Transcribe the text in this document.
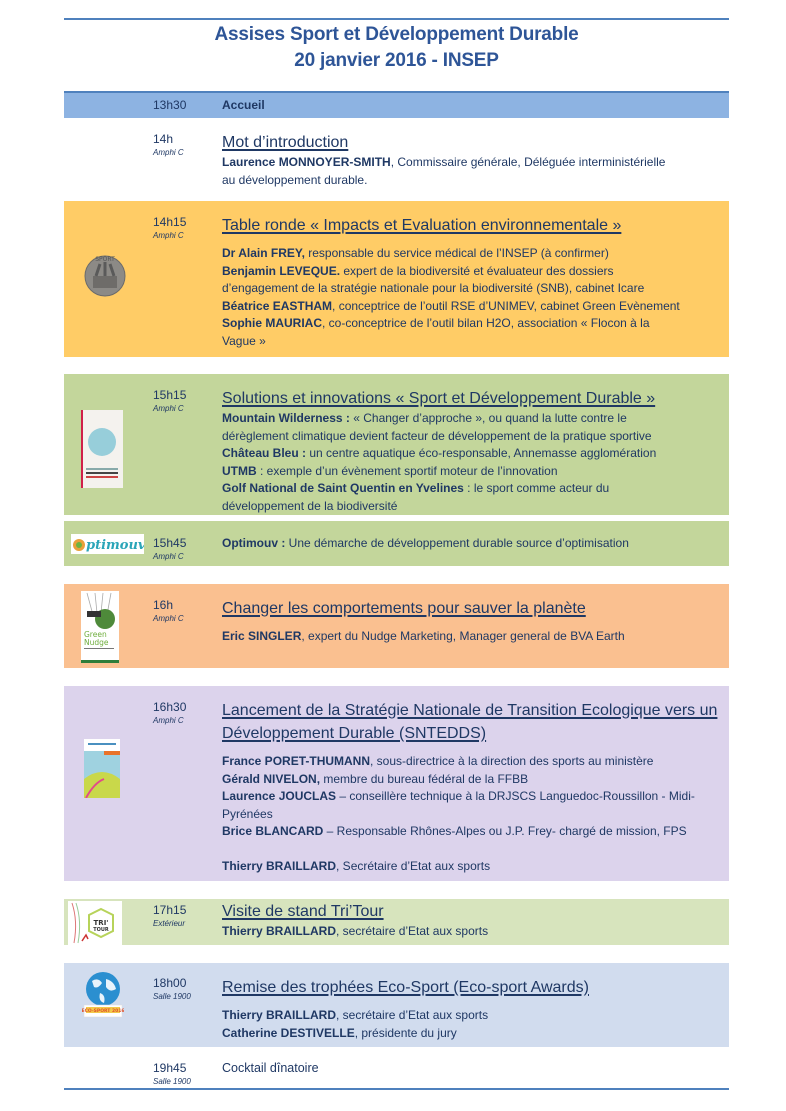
Assises Sport et Développement Durable
20 janvier 2016 - INSEP
13h30	Accueil
14h
Amphi C
Mot d’introduction
Laurence MONNOYER-SMITH, Commissaire générale, Déléguée interministérielle
au développement durable.
SPORT
14h15
Amphi C
Table ronde « Impacts et Evaluation environnementale »
Dr Alain FREY, responsable du service médical de l’INSEP (à confirmer)
Benjamin LEVEQUE. expert de la biodiversité et évaluateur des dossiers
d’engagement de la stratégie nationale pour la biodiversité (SNB), cabinet Icare
Béatrice EASTHAM, conceptrice de l’outil RSE d’UNIMEV, cabinet Green Evènement
Sophie MAURIAC, co-conceptrice de l’outil bilan H2O, association « Flocon à la
Vague »
15h15
Amphi C
Solutions et innovations « Sport et Développement Durable »
Mountain Wilderness : « Changer d’approche », ou quand la lutte contre le
dérèglement climatique devient facteur de développement de la pratique sportive
Château Bleu : un centre aquatique éco-responsable, Annemasse agglomération
UTMB : exemple d’un évènement sportif moteur de l’innovation
Golf National de Saint Quentin en Yvelines : le sport comme acteur du
développement de la biodiversité
ptimouv 15h45
Amphi C
Optimouv : Une démarche de développement durable source d’optimisation
Green
Nudge
16h
Amphi C
Changer les comportements pour sauver la planète
Eric SINGLER, expert du Nudge Marketing, Manager general de BVA Earth
16h30
Amphi C
Lancement de la Stratégie Nationale de Transition Ecologique vers un Développement Durable (SNTEDDS)
France PORET-THUMANN, sous-directrice à la direction des sports au ministère
Gérald NIVELON, membre du bureau fédéral de la FFBB
Laurence JOUCLAS – conseillère technique à la DRJSCS Languedoc-Roussillon - Midi-
Pyrénées
Brice BLANCARD – Responsable Rhônes-Alpes ou J.P. Frey- chargé de mission, FPS
Thierry BRAILLARD, Secrétaire d’Etat aux sports
TRI'
TOUR
17h15
Extérieur
Visite de stand Tri’Tour
Thierry BRAILLARD, secrétaire d’Etat aux sports
ECO-SPORT 2016
18h00
Salle 1900
Remise des trophées Eco-Sport (Eco-sport Awards)
Thierry BRAILLARD, secrétaire d’Etat aux sports
Catherine DESTIVELLE, présidente du jury
19h45
Salle 1900
Cocktail dînatoire
